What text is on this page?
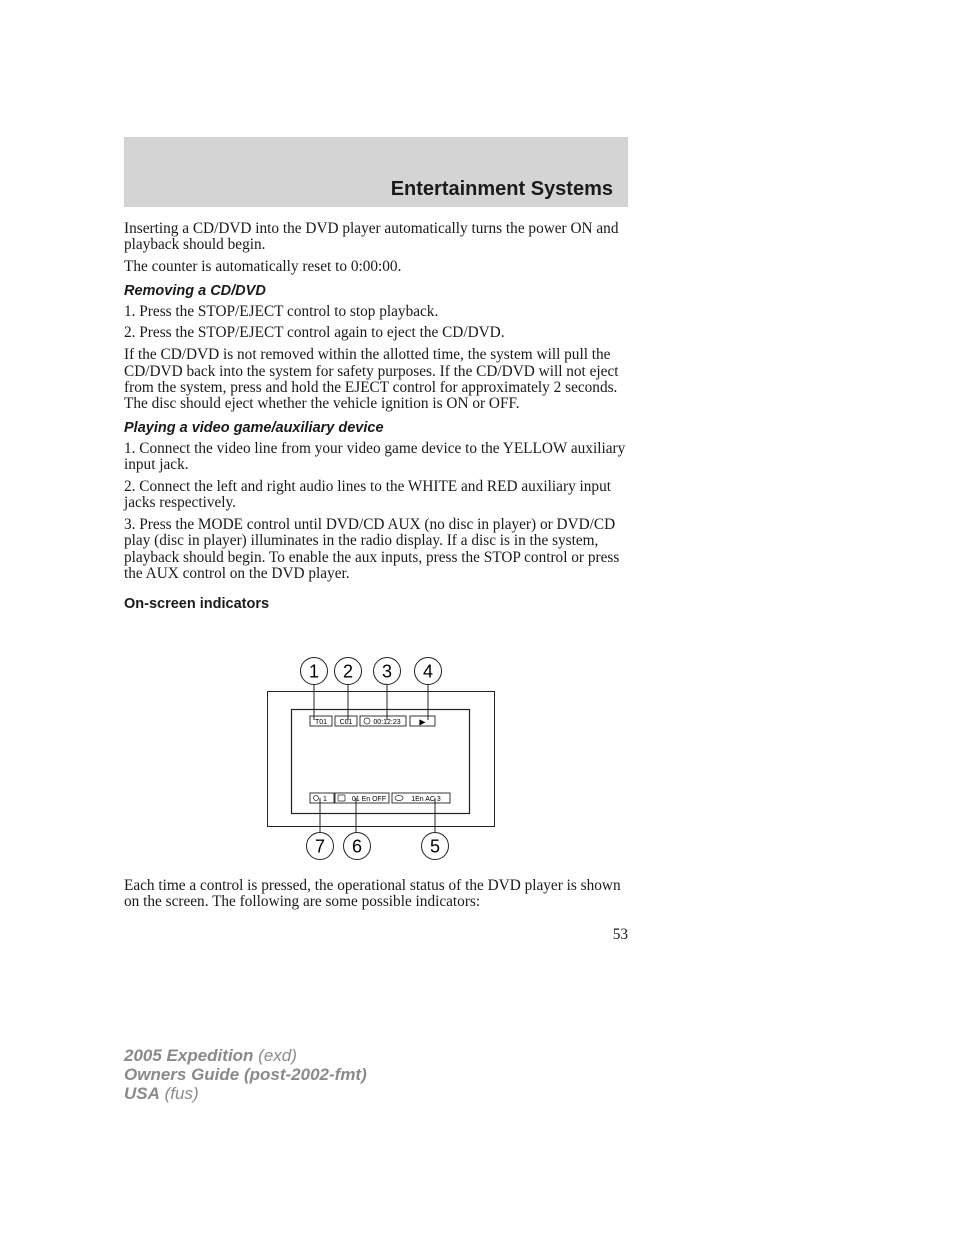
Entertainment Systems

Inserting a CD/DVD into the DVD player automatically turns the power ON and playback should begin.

The counter is automatically reset to 0:00:00.

Removing a CD/DVD

1. Press the STOP/EJECT control to stop playback.

2. Press the STOP/EJECT control again to eject the CD/DVD.

If the CD/DVD is not removed within the allotted time, the system will pull the CD/DVD back into the system for safety purposes. If the CD/DVD will not eject from the system, press and hold the EJECT control for approximately 2 seconds. The disc should eject whether the vehicle ignition is ON or OFF.

Playing a video game/auxiliary device

1. Connect the video line from your video game device to the YELLOW auxiliary input jack.

2. Connect the left and right audio lines to the WHITE and RED auxiliary input jacks respectively.

3. Press the MODE control until DVD/CD AUX (no disc in player) or DVD/CD play (disc in player) illuminates in the radio display. If a disc is in the system, playback should begin. To enable the aux inputs, press the STOP control or press the AUX control on the DVD player.

On-screen indicators
T01 C01	00:12:23 ▶
1	01 En OFF	1En AC 3
1 2 3 4
7 6	5

Each time a control is pressed, the operational status of the DVD player is shown on the screen. The following are some possible indicators:

53
2005 Expedition (exd)
Owners Guide (post-2002-fmt)
USA (fus)
